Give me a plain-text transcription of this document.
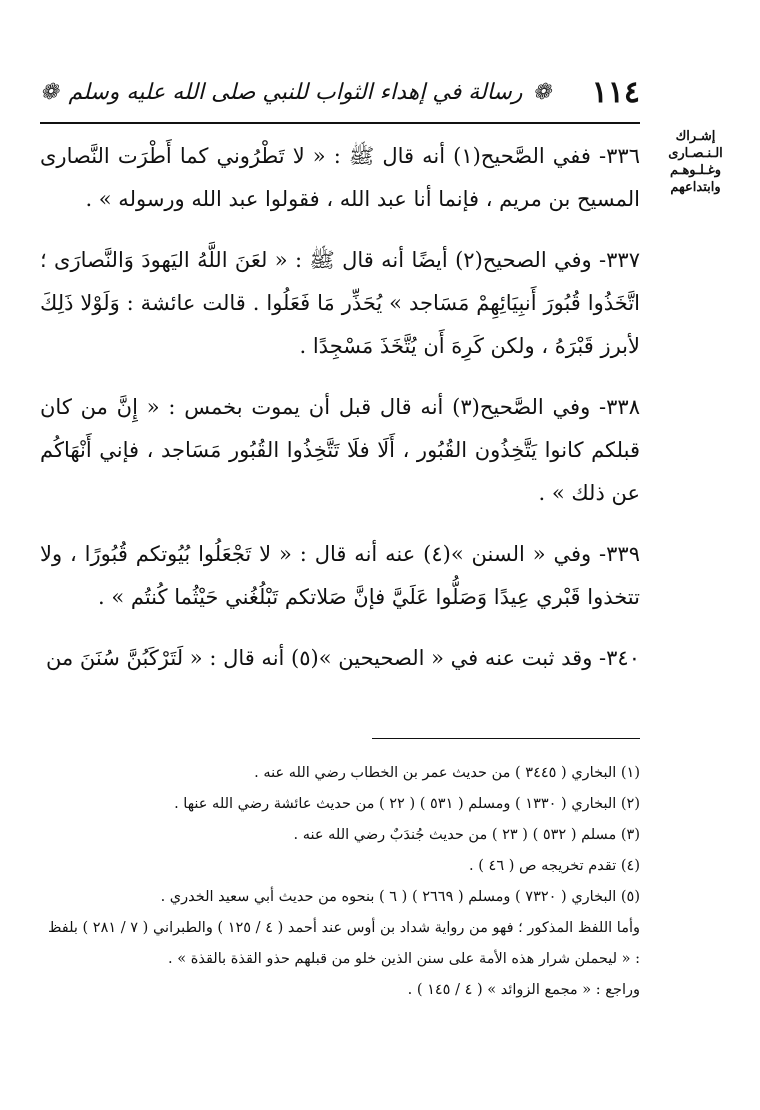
١١٤
❁
رسالة في إهداء الثواب للنبي صلى الله عليه وسلم
❁
إشـراك
الـنـصـارى
وغـلـوهـم
وابتداعهم

٣٣٦- ففي الصَّحيح(١) أنه قال ﷺ : « لا تَطْرُوني كما أَطْرَت النَّصارى المسيح بن مريم ، فإنما أنا عبد الله ، فقولوا عبد الله ورسوله » .

٣٣٧- وفي الصحيح(٢) أيضًا أنه قال ﷺ : « لعَنَ اللَّهُ اليَهودَ وَالنَّصارَى ؛ اتَّخَذُوا قُبُورَ أَنبِيَائِهِمْ مَسَاجد » يُحَذِّر مَا فَعَلُوا . قالت عائشة : وَلَوْلا ذَلِكَ لأبرز قَبْرَهُ ، ولكن كَرِهَ أَن يُتَّخَذَ مَسْجِدًا .

٣٣٨- وفي الصَّحيح(٣) أنه قال قبل أن يموت بخمس : « إِنَّ من كان قبلكم كانوا يَتَّخِذُون القُبُور ، أَلَا فلَا تَتَّخِذُوا القُبُور مَسَاجد ، فإني أَنْهَاكُم عن ذلك » .

٣٣٩- وفي « السنن »(٤) عنه أنه قال : « لا تَجْعَلُوا بُيُوتكم قُبُورًا ، ولا تتخذوا قَبْري عِيدًا وَصَلُّوا عَلَيَّ فإنَّ صَلاتكم تَبْلُغُني حَيْثُما كُنتُم » .

٣٤٠- وقد ثبت عنه في « الصحيحين »(٥) أنه قال : « لَتَرْكَبُنَّ سُنَنَ من

(١) البخاري ( ٣٤٤٥ ) من حديث عمر بن الخطاب رضي الله عنه .

(٢) البخاري ( ١٣٣٠ ) ومسلم ( ٥٣١ ) ( ٢٢ ) من حديث عائشة رضي الله عنها .

(٣) مسلم ( ٥٣٢ ) ( ٢٣ ) من حديث جُندَبٌ رضي الله عنه .

(٤) تقدم تخريجه ص ( ٤٦ ) .

(٥) البخاري ( ٧٣٢٠ ) ومسلم ( ٢٦٦٩ ) ( ٦ ) بنحوه من حديث أبي سعيد الخدري .

وأما اللفظ المذكور ؛ فهو من رواية شداد بن أوس عند أحمد ( ٤ / ١٢٥ ) والطبراني ( ٧ / ٢٨١ ) بلفظ : « ليحملن شرار هذه الأمة على سنن الذين خلو من قبلهم حذو القذة بالقذة » .

وراجع : « مجمع الزوائد » ( ٤ / ١٤٥ ) .
